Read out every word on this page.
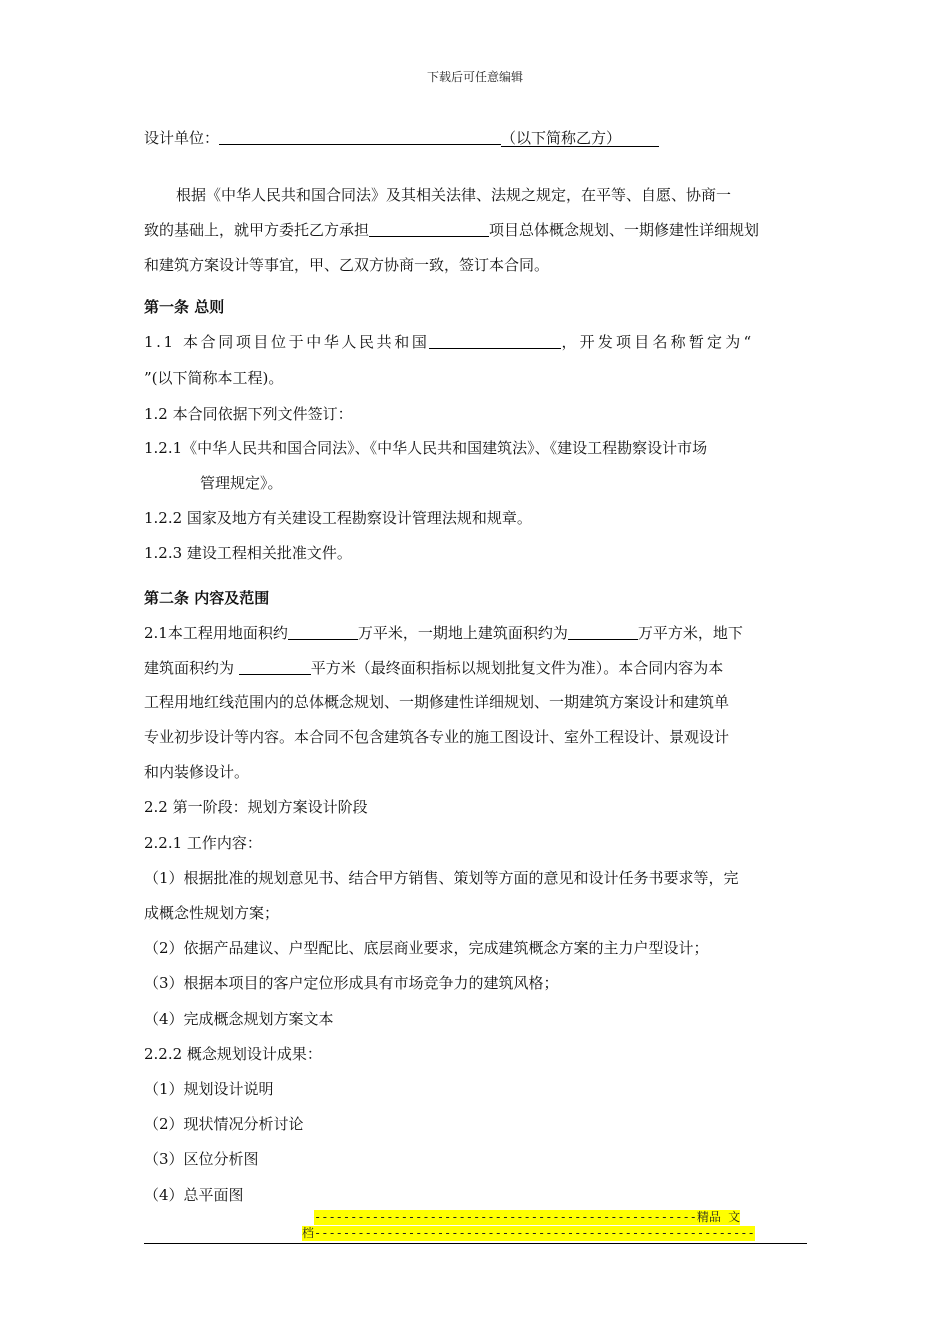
下载后可任意编辑
设计单位：	（以下简称乙方）
根据《中华人民共和国合同法》及其相关法律、法规之规定，在平等、自愿、协商一
致的基础上，就甲方委托乙方承担	项目总体概念规划、一期修建性详细规划
和建筑方案设计等事宜，甲、乙双方协商一致，签订本合同。
第一条 总则
1.1 本合同项目位于中华人民共和国	，开发项目名称暂定为“
”(以下简称本工程)。
1.2 本合同依据下列文件签订：
1.2.1《中华人民共和国合同法》、《中华人民共和国建筑法》、《建设工程勘察设计市场
管理规定》。
1.2.2 国家及地方有关建设工程勘察设计管理法规和规章。
1.2.3 建设工程相关批准文件。
第二条 内容及范围
2.1本工程用地面积约	万平米，一期地上建筑面积约为	万平方米，地下
建筑面积约为	平方米（最终面积指标以规划批复文件为准）。本合同内容为本
工程用地红线范围内的总体概念规划、一期修建性详细规划、一期建筑方案设计和建筑单
专业初步设计等内容。本合同不包含建筑各专业的施工图设计、室外工程设计、景观设计
和内装修设计。
2.2 第一阶段：规划方案设计阶段
2.2.1 工作内容：
（1）根据批准的规划意见书、结合甲方销售、策划等方面的意见和设计任务书要求等，完
成概念性规划方案；
（2）依据产品建议、户型配比、底层商业要求，完成建筑概念方案的主力户型设计；
（3）根据本项目的客户定位形成具有市场竞争力的建筑风格；
（4）完成概念规划方案文本
2.2.2 概念规划设计成果：
（1）规划设计说明
（2）现状情况分析讨论
（3）区位分析图
（4）总平面图
-----------------------------------------------------精品 文
档-------------------------------------------------------------
